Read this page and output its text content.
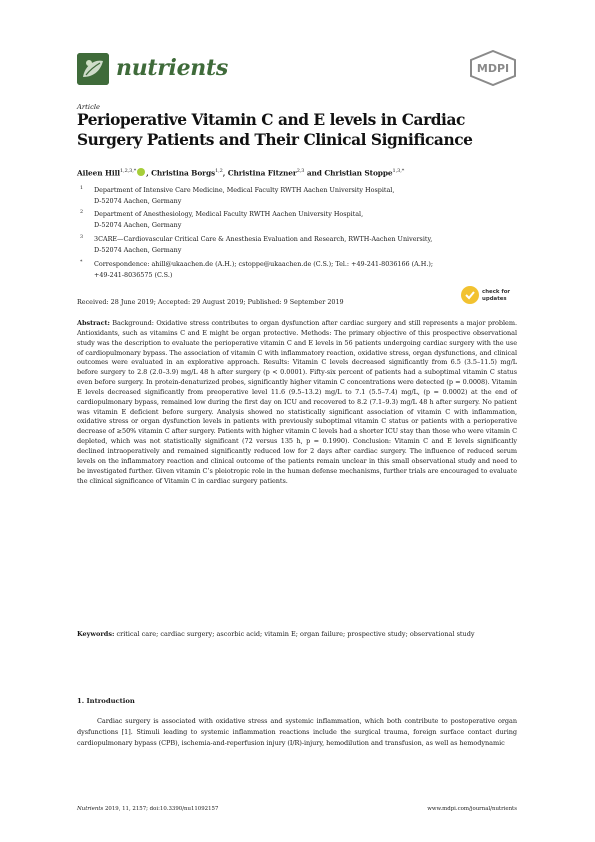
nutrients	MDPI
Article
Perioperative Vitamin C and E levels in Cardiac Surgery Patients and Their Clinical Significance
Aileen Hill$^{1,2,3,*}$ , Christina Borgs$^{1,2}$, Christina Fitzner$^{2,3}$ and Christian Stoppe$^{1,3,*}$
1 Department of Intensive Care Medicine, Medical Faculty RWTH Aachen University Hospital,
D-52074 Aachen, Germany
2 Department of Anesthesiology, Medical Faculty RWTH Aachen University Hospital,
D-52074 Aachen, Germany
3 3CARE—Cardiovascular Critical Care & Anesthesia Evaluation and Research, RWTH-Aachen University,
D-52074 Aachen, Germany
* Correspondence: ahill@ukaachen.de (A.H.); cstoppe@ukaachen.de (C.S.); Tel.: +49-241-8036166 (A.H.);
+49-241-8036575 (C.S.)
Received: 28 June 2019; Accepted: 29 August 2019; Published: 9 September 2019
check for
updates
Abstract: Background: Oxidative stress contributes to organ dysfunction after cardiac surgery and still represents a major problem. Antioxidants, such as vitamins C and E might be organ protective. Methods: The primary objective of this prospective observational study was the description to evaluate the perioperative vitamin C and E levels in 56 patients undergoing cardiac surgery with the use of cardiopulmonary bypass. The association of vitamin C with inflammatory reaction, oxidative stress, organ dysfunctions, and clinical outcomes were evaluated in an explorative approach. Results: Vitamin C levels decreased significantly from 6.5 (3.5–11.5) mg/L before surgery to 2.8 (2.0–3.9) mg/L 48 h after surgery (p < 0.0001). Fifty-six percent of patients had a suboptimal vitamin C status even before surgery. In protein-denaturized probes, significantly higher vitamin C concentrations were detected (p = 0.0008). Vitamin E levels decreased significantly from preoperative level 11.6 (9.5–13.2) mg/L to 7.1 (5.5–7.4) mg/L, (p = 0.0002) at the end of cardiopulmonary bypass, remained low during the first day on ICU and recovered to 8.2 (7.1–9.3) mg/L 48 h after surgery. No patient was vitamin E deficient before surgery. Analysis showed no statistically significant association of vitamin C with inflammation, oxidative stress or organ dysfunction levels in patients with previously suboptimal vitamin C status or patients with a perioperative decrease of ≥50% vitamin C after surgery. Patients with higher vitamin C levels had a shorter ICU stay than those who were vitamin C depleted, which was not statistically significant (72 versus 135 h, p = 0.1990). Conclusion: Vitamin C and E levels significantly declined intraoperatively and remained significantly reduced low for 2 days after cardiac surgery. The influence of reduced serum levels on the inflammatory reaction and clinical outcome of the patients remain unclear in this small observational study and need to be investigated further. Given vitamin C’s pleiotropic role in the human defense mechanisms, further trials are encouraged to evaluate the clinical significance of Vitamin C in cardiac surgery patients.
Keywords: critical care; cardiac surgery; ascorbic acid; vitamin E; organ failure; prospective study; observational study
1. Introduction
Cardiac surgery is associated with oxidative stress and systemic inflammation, which both contribute to postoperative organ dysfunctions [1]. Stimuli leading to systemic inflammation reactions include the surgical trauma, foreign surface contact during cardiopulmonary bypass (CPB), ischemia-and-reperfusion injury (I/R)-injury, hemodilution and transfusion, as well as hemodynamic
Nutrients 2019, 11, 2157; doi:10.3390/nu11092157	www.mdpi.com/journal/nutrients
